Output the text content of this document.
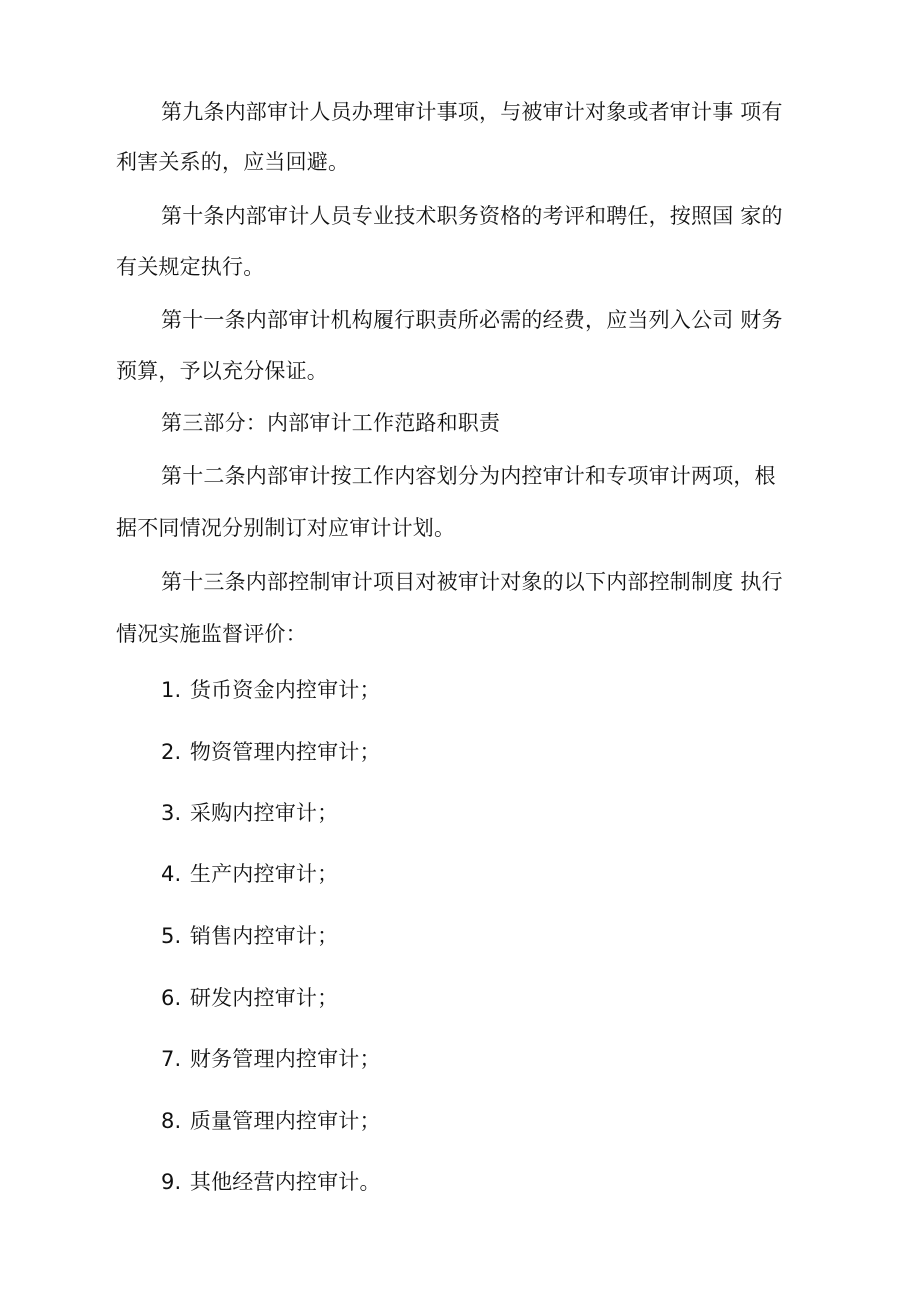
第九条内部审计人员办理审计事项，与被审计对象或者审计事 项有
利害关系的，应当回避。
第十条内部审计人员专业技术职务资格的考评和聘任，按照国 家的
有关规定执行。
第十一条内部审计机构履行职责所必需的经费，应当列入公司 财务
预算，予以充分保证。
第三部分：内部审计工作范路和职责
第十二条内部审计按工作内容划分为内控审计和专项审计两项，根
据不同情况分别制订对应审计计划。
第十三条内部控制审计项目对被审计对象的以下内部控制制度 执行
情况实施监督评价：
1. 货币资金内控审计；
2. 物资管理内控审计；
3. 采购内控审计；
4. 生产内控审计；
5. 销售内控审计；
6. 研发内控审计；
7. 财务管理内控审计；
8. 质量管理内控审计；
9. 其他经营内控审计。
